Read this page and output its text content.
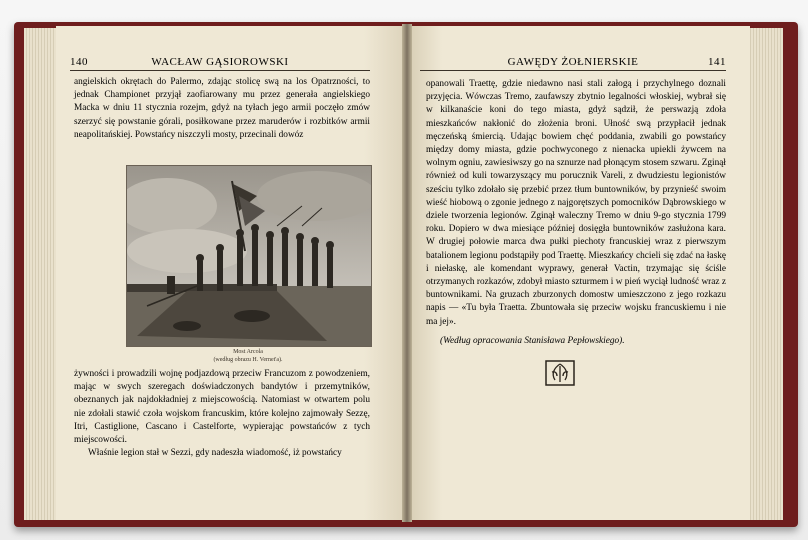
140	WACŁAW GĄSIOROWSKI	GAWĘDY ŻOŁNIERSKIE	141

angielskich okrętach do Palermo, zdając stolicę swą na los Opatrzności, to jednak Championet przyjął zaofiarowany mu przez generała angielskiego Macka w dniu 11 stycznia rozejm, gdyż na tyłach jego armii poczęło zmów szerzyć się powstanie górali, posiłkowane przez maruderów i rozbitków armii neapolitańskiej. Powstańcy niszczyli mosty, przecinali dowóz

Most Arcola
(według obrazu H. Vernet'a).

żywności i prowadzili wojnę podjazdową przeciw Francuzom z powodzeniem, mając w swych szeregach doświadczonych bandytów i przemytników, obeznanych jak najdokładniej z miejscowością. Natomiast w otwartem polu nie zdołali stawić czoła wojskom francuskim, które kolejno zajmowały Sezzę, Itri, Castiglione, Cascano i Castelforte, wypierając powstańców z tych miejscowości.

Właśnie legion stał w Sezzi, gdy nadeszła wiadomość, iż powstańcy

opanowali Traettę, gdzie niedawno nasi stali załogą i przychylnego doznali przyjęcia. Wówczas Tremo, zaufawszy zbytnio legalności włoskiej, wybrał się w kilkanaście koni do tego miasta, gdyż sądził, że perswazją zdoła mieszkańców nakłonić do złożenia broni. Ułność swą przypłacił jednak męczeńską śmiercią. Udając bowiem chęć poddania, zwabili go powstańcy między domy miasta, gdzie pochwyconego z nienacka upiekli żywcem na wolnym ogniu, zawiesiwszy go na sznurze nad płonącym stosem szwaru. Zginął również od kuli towarzyszący mu porucznik Vareli, z dwudziestu legionistów sześciu tylko zdołało się przebić przez tłum buntowników, by przynieść swoim wieść hiobową o zgonie jednego z najgorętszych pomocników Dąbrowskiego w dziele tworzenia legionów. Zginął waleczny Tremo w dniu 9-go stycznia 1799 roku. Dopiero w dwa miesiące później dosięgła buntowników zasłużona kara. W drugiej połowie marca dwa pułki piechoty francuskiej wraz z pierwszym batalionem legionu podstąpiły pod Traettę. Mieszkańcy chcieli się zdać na łaskę i niełaskę, ale komendant wyprawy, generał Vactin, trzymając się ściśle otrzymanych rozkazów, zdobył miasto szturmem i w pień wyciął ludność wraz z buntownikami. Na gruzach zburzonych domostw umieszczono z jego rozkazu napis — «Tu była Traetta. Zbuntowała się przeciw wojsku francuskiemu i nie ma jej».

(Według opracowania Stanisława Pepłowskiego).
